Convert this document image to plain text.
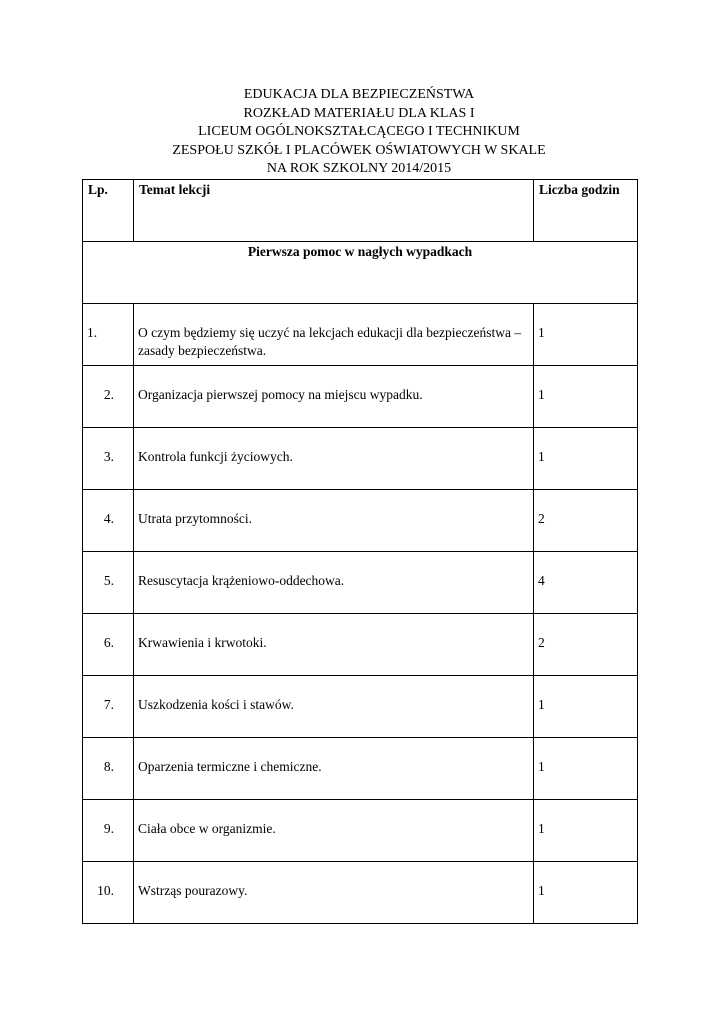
EDUKACJA DLA BEZPIECZEŃSTWA
ROZKŁAD MATERIAŁU DLA KLAS I
LICEUM OGÓLNOKSZTAŁCĄCEGO I TECHNIKUM
ZESPOŁU SZKÓŁ I PLACÓWEK OŚWIATOWYCH W SKALE
NA ROK SZKOLNY 2014/2015
Lp.	Temat lekcji	Liczba godzin

Pierwsza pomoc w nagłych wypadkach		

1.	O czym będziemy się uczyć na lekcjach edukacji dla bezpieczeństwa – zasady bezpieczeństwa.	1

2.	Organizacja pierwszej pomocy na miejscu wypadku.	1

3.	Kontrola funkcji życiowych.	1

4.	Utrata przytomności.	2

5.	Resuscytacja krążeniowo-oddechowa.	4

6.	Krwawienia i krwotoki.	2

7.	Uszkodzenia kości i stawów.	1

8.	Oparzenia termiczne i chemiczne.	1

9.	Ciała obce w organizmie.	1

10.	Wstrząs pourazowy.	1
